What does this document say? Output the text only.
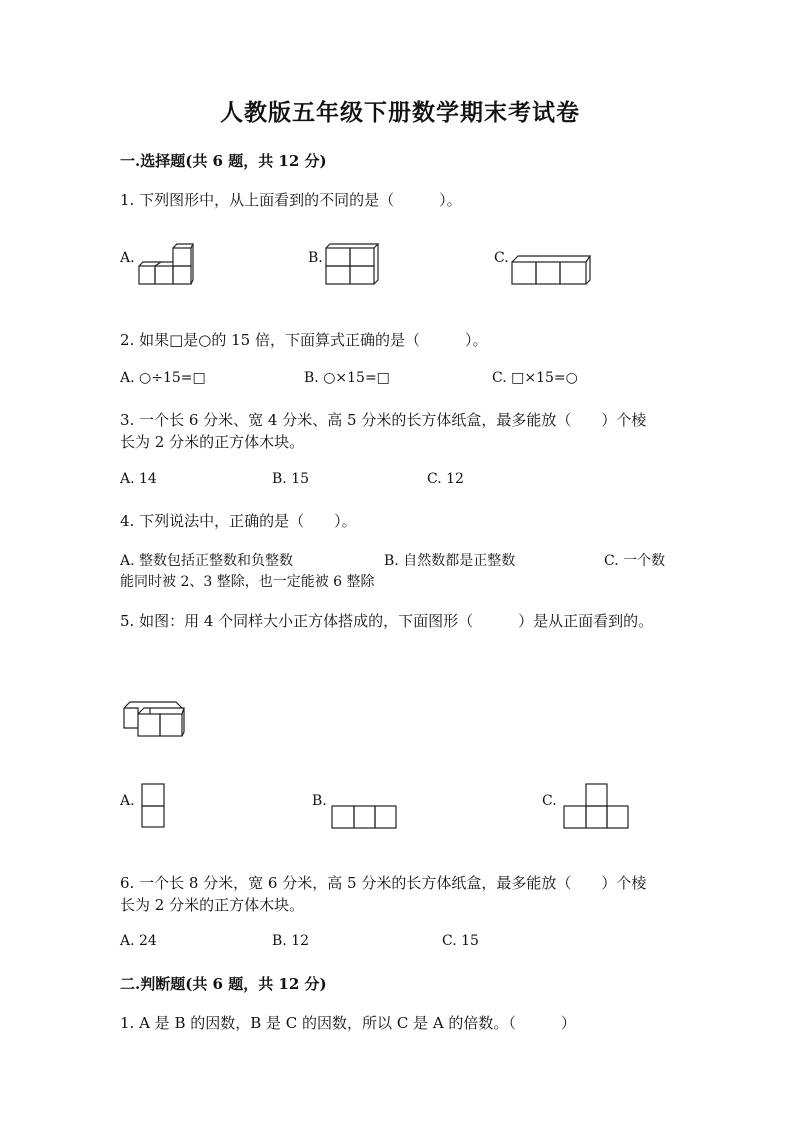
人教版五年级下册数学期末考试卷
一.选择题(共 6 题，共 12 分)
1. 下列图形中，从上面看到的不同的是（　　　）。
A.	B.	C.
2. 如果□是○的 15 倍，下面算式正确的是（　　　）。
A. ○÷15=□	B. ○×15=□	C. □×15=○
3. 一个长 6 分米、宽 4 分米、高 5 分米的长方体纸盒，最多能放（　　）个棱
长为 2 分米的正方体木块。
A. 14	B. 15	C. 12
4. 下列说法中，正确的是（　　）。
A. 整数包括正整数和负整数	B. 自然数都是正整数	C. 一个数
能同时被 2、3 整除，也一定能被 6 整除
5. 如图：用 4 个同样大小正方体搭成的，下面图形（　　　）是从正面看到的。
A.	B.	C.
6. 一个长 8 分米，宽 6 分米，高 5 分米的长方体纸盒，最多能放（　　）个棱
长为 2 分米的正方体木块。
A. 24	B. 12	C. 15
二.判断题(共 6 题，共 12 分)
1. A 是 B 的因数，B 是 C 的因数，所以 C 是 A 的倍数。（　　　）
